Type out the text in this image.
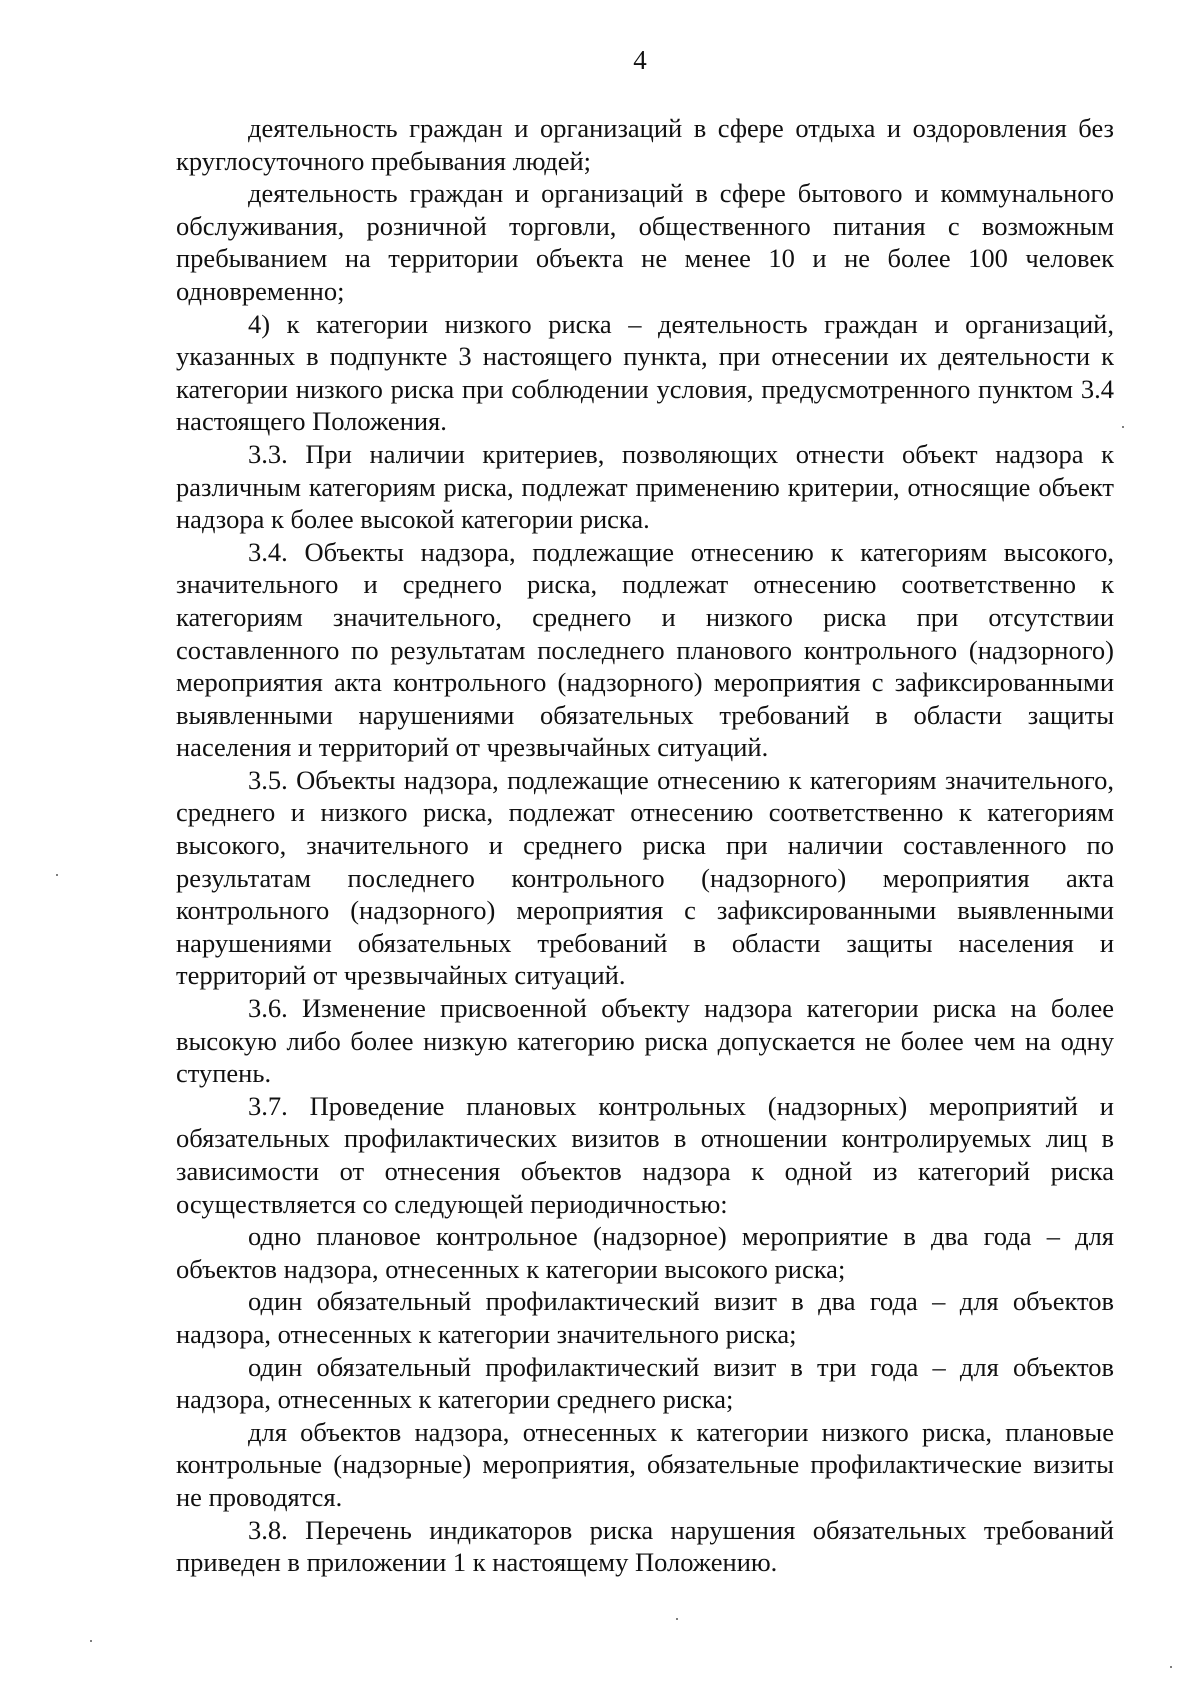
4

деятельность граждан и организаций в сфере отдыха и оздоровления без круглосуточного пребывания людей;

деятельность граждан и организаций в сфере бытового и коммунального обслуживания, розничной торговли, общественного питания с возможным пребыванием на территории объекта не менее 10 и не более 100 человек одновременно;

4) к категории низкого риска – деятельность граждан и организаций, указанных в подпункте 3 настоящего пункта, при отнесении их деятельности к категории низкого риска при соблюдении условия, предусмотренного пунктом 3.4 настоящего Положения.

3.3. При наличии критериев, позволяющих отнести объект надзора к различным категориям риска, подлежат применению критерии, относящие объект надзора к более высокой категории риска.

3.4. Объекты надзора, подлежащие отнесению к категориям высокого, значительного и среднего риска, подлежат отнесению соответственно к категориям значительного, среднего и низкого риска при отсутствии составленного по результатам последнего планового контрольного (надзорного) мероприятия акта контрольного (надзорного) мероприятия с зафиксированными выявленными нарушениями обязательных требований в области защиты населения и территорий от чрезвычайных ситуаций.

3.5. Объекты надзора, подлежащие отнесению к категориям значительного, среднего и низкого риска, подлежат отнесению соответственно к категориям высокого, значительного и среднего риска при наличии составленного по результатам последнего контрольного (надзорного) мероприятия акта контрольного (надзорного) мероприятия с зафиксированными выявленными нарушениями обязательных требований в области защиты населения и территорий от чрезвычайных ситуаций.

3.6. Изменение присвоенной объекту надзора категории риска на более высокую либо более низкую категорию риска допускается не более чем на одну ступень.

3.7. Проведение плановых контрольных (надзорных) мероприятий и обязательных профилактических визитов в отношении контролируемых лиц в зависимости от отнесения объектов надзора к одной из категорий риска осуществляется со следующей периодичностью:

одно плановое контрольное (надзорное) мероприятие в два года – для объектов надзора, отнесенных к категории высокого риска;

один обязательный профилактический визит в два года – для объектов надзора, отнесенных к категории значительного риска;

один обязательный профилактический визит в три года – для объектов надзора, отнесенных к категории среднего риска;

для объектов надзора, отнесенных к категории низкого риска, плановые контрольные (надзорные) мероприятия, обязательные профилактические визиты не проводятся.

3.8. Перечень индикаторов риска нарушения обязательных требований приведен в приложении 1 к настоящему Положению.
